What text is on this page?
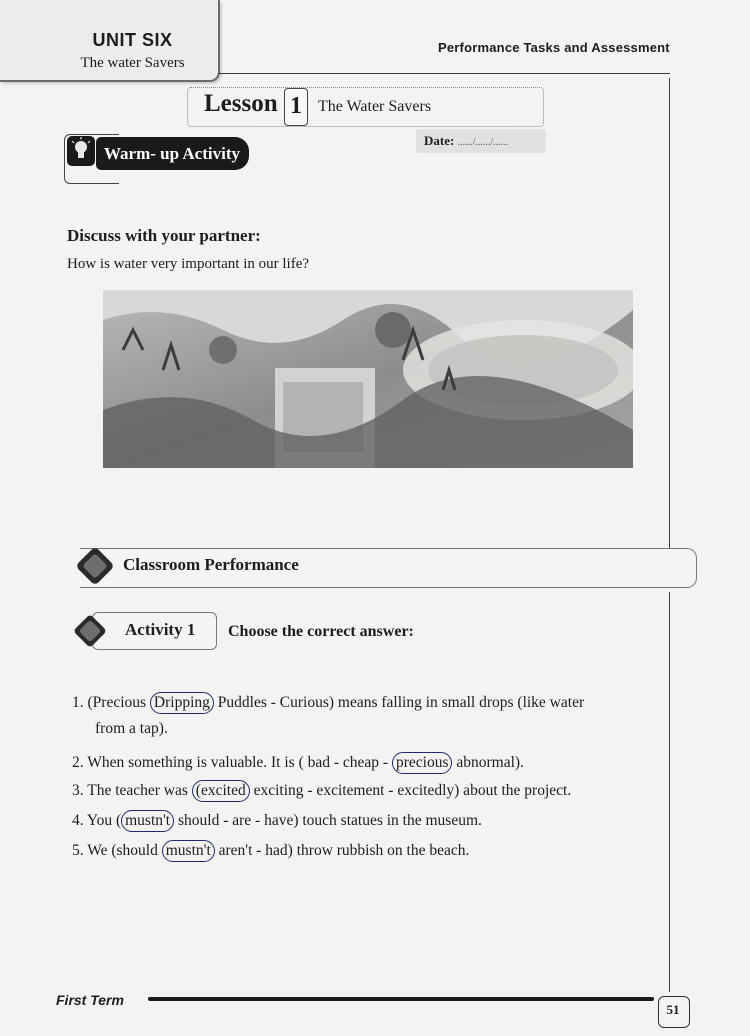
UNIT SIX
The water Savers
Performance Tasks and Assessment
Lesson 1	The Water Savers
Warm- up Activity
Date: ....../....../......
Discuss with your partner:
How is water very important in our life?
Classroom Performance
Activity 1 Choose the correct answer:
1. (Precious Dripping Puddles - Curious) means falling in small drops (like water
from a tap).
2. When something is valuable. It is ( bad - cheap - precious abnormal).
3. The teacher was (excited exciting - excitement - excitedly) about the project.
4. You ( mustn't should - are - have) touch statues in the museum.
5. We (should mustn't aren't - had) throw rubbish on the beach.
First Term
51
